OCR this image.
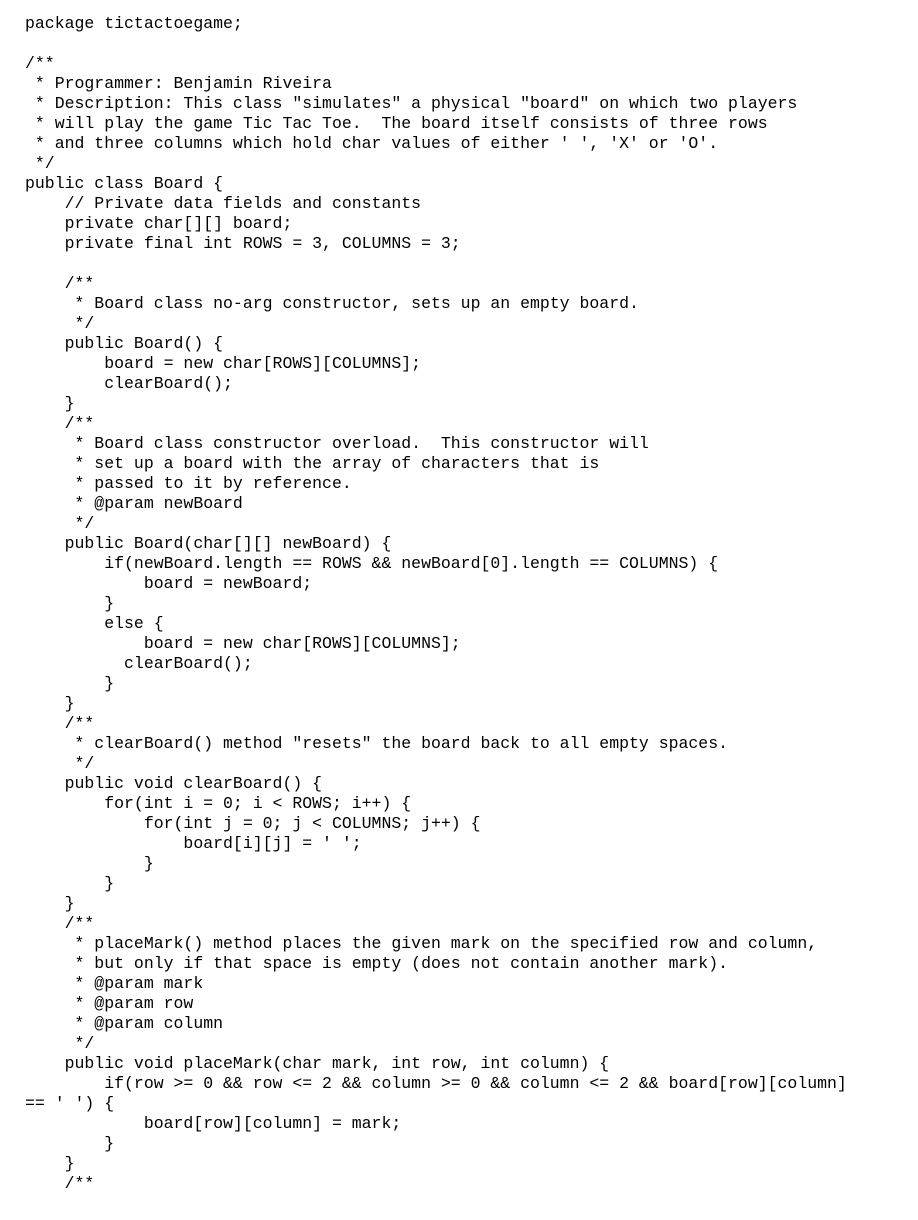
package tictactoegame;
/**
* Programmer: Benjamin Riveira
* Description: This class "simulates" a physical "board" on which two players
* will play the game Tic Tac Toe.  The board itself consists of three rows
* and three columns which hold char values of either ' ', 'X' or 'O'.
*/
public class Board {
// Private data fields and constants
private char[][] board;
private final int ROWS = 3, COLUMNS = 3;
/**
* Board class no-arg constructor, sets up an empty board.
*/
public Board() {
board = new char[ROWS][COLUMNS];
clearBoard();
}
/**
* Board class constructor overload.  This constructor will
* set up a board with the array of characters that is
* passed to it by reference.
* @param newBoard
*/
public Board(char[][] newBoard) {
if(newBoard.length == ROWS && newBoard[0].length == COLUMNS) {
board = newBoard;
}
else {
board = new char[ROWS][COLUMNS];
clearBoard();
}
}
/**
* clearBoard() method "resets" the board back to all empty spaces.
*/
public void clearBoard() {
for(int i = 0; i < ROWS; i++) {
for(int j = 0; j < COLUMNS; j++) {
board[i][j] = ' ';
}
}
}
/**
* placeMark() method places the given mark on the specified row and column,
* but only if that space is empty (does not contain another mark).
* @param mark
* @param row
* @param column
*/
public void placeMark(char mark, int row, int column) {
if(row >= 0 && row <= 2 && column >= 0 && column <= 2 && board[row][column]
== ' ') {
board[row][column] = mark;
}
}
/**
